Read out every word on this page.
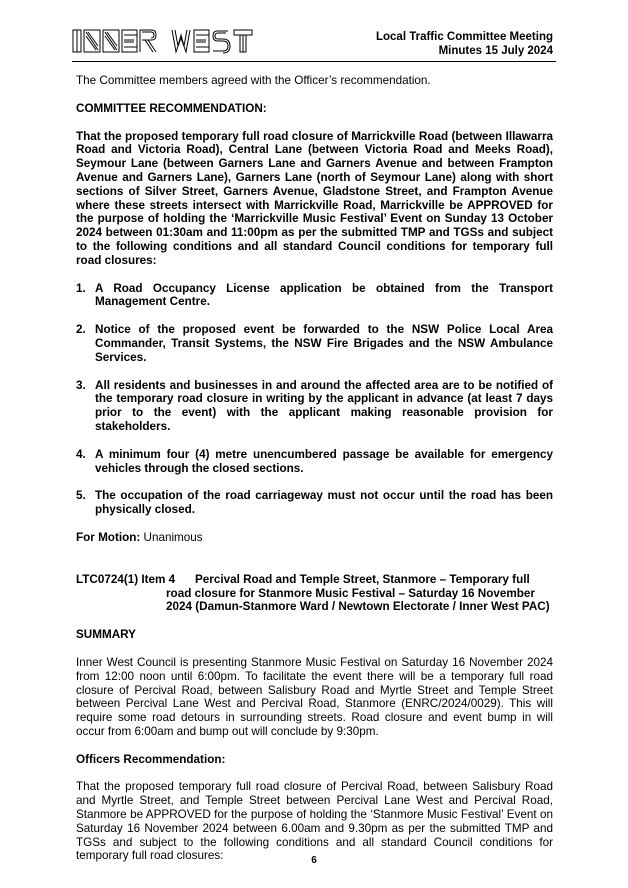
Local Traffic Committee Meeting
Minutes 15 July 2024

The Committee members agreed with the Officer’s recommendation.

COMMITTEE RECOMMENDATION:

That the proposed temporary full road closure of Marrickville Road (between Illawarra Road and Victoria Road), Central Lane (between Victoria Road and Meeks Road), Seymour Lane (between Garners Lane and Garners Avenue and between Frampton Avenue and Garners Lane), Garners Lane (north of Seymour Lane) along with short sections of Silver Street, Garners Avenue, Gladstone Street, and Frampton Avenue where these streets intersect with Marrickville Road, Marrickville be APPROVED for the purpose of holding the ‘Marrickville Music Festival’ Event on Sunday 13 October 2024 between 01:30am and 11:00pm as per the submitted TMP and TGSs and subject to the following conditions and all standard Council conditions for temporary full road closures:

1. A Road Occupancy License application be obtained from the Transport Management Centre.
2. Notice of the proposed event be forwarded to the NSW Police Local Area Commander, Transit Systems, the NSW Fire Brigades and the NSW Ambulance Services.
3. All residents and businesses in and around the affected area are to be notified of the temporary road closure in writing by the applicant in advance (at least 7 days prior to the event) with the applicant making reasonable provision for stakeholders.
4. A minimum four (4) metre unencumbered passage be available for emergency vehicles through the closed sections.
5. The occupation of the road carriageway must not occur until the road has been physically closed.

For Motion: Unanimous

LTC0724(1) Item 4	Percival Road and Temple Street, Stanmore – Temporary full road closure for Stanmore Music Festival – Saturday 16 November 2024 (Damun-Stanmore Ward / Newtown Electorate / Inner West PAC)

SUMMARY

Inner West Council is presenting Stanmore Music Festival on Saturday 16 November 2024 from 12:00 noon until 6:00pm. To facilitate the event there will be a temporary full road closure of Percival Road, between Salisbury Road and Myrtle Street and Temple Street between Percival Lane West and Percival Road, Stanmore (ENRC/2024/0029). This will require some road detours in surrounding streets. Road closure and event bump in will occur from 6:00am and bump out will conclude by 9:30pm.

Officers Recommendation:

That the proposed temporary full road closure of Percival Road, between Salisbury Road and Myrtle Street, and Temple Street between Percival Lane West and Percival Road, Stanmore be APPROVED for the purpose of holding the ‘Stanmore Music Festival’ Event on Saturday 16 November 2024 between 6.00am and 9.30pm as per the submitted TMP and TGSs and subject to the following conditions and all standard Council conditions for temporary full road closures:	6
